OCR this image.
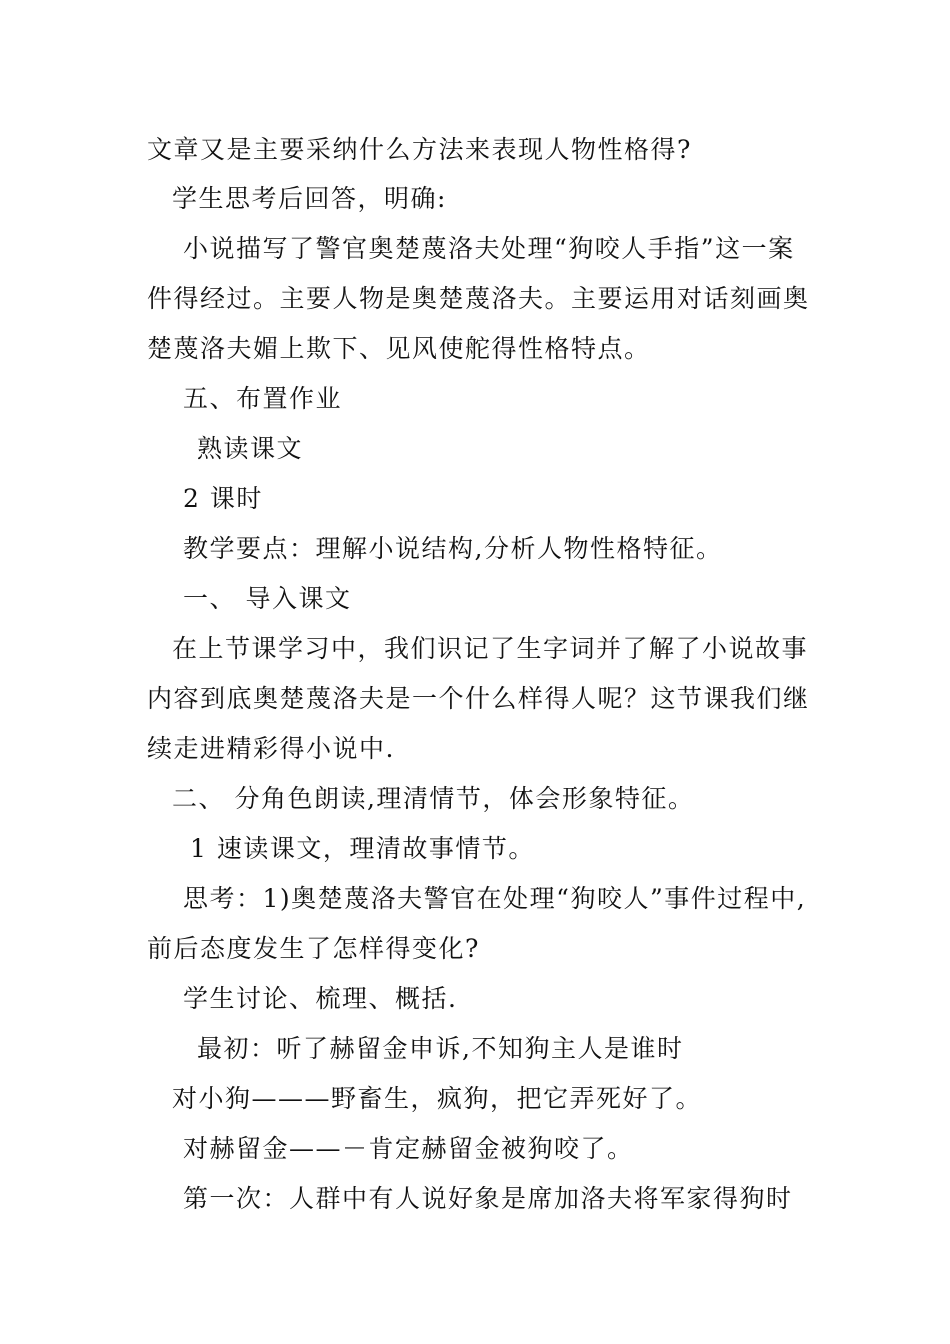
文章又是主要采纳什么方法来表现人物性格得?
学生思考后回答，明确:
小说描写了警官奥楚蔑洛夫处理“狗咬人手指”这一案
件得经过。主要人物是奥楚蔑洛夫。主要运用对话刻画奥
楚蔑洛夫媚上欺下、见风使舵得性格特点。
五、布置作业
熟读课文
2 课时
教学要点：理解小说结构,分析人物性格特征。
一、 导入课文
在上节课学习中，我们识记了生字词并了解了小说故事
内容到底奥楚蔑洛夫是一个什么样得人呢？这节课我们继
续走进精彩得小说中.
二、 分角色朗读,理清情节，体会形象特征。
1 速读课文，理清故事情节。
思考：1)奥楚蔑洛夫警官在处理“狗咬人”事件过程中,
前后态度发生了怎样得变化?
学生讨论、梳理、概括.
最初：听了赫留金申诉,不知狗主人是谁时
对小狗———野畜生，疯狗，把它弄死好了。
对赫留金——－肯定赫留金被狗咬了。
第一次：人群中有人说好象是席加洛夫将军家得狗时
